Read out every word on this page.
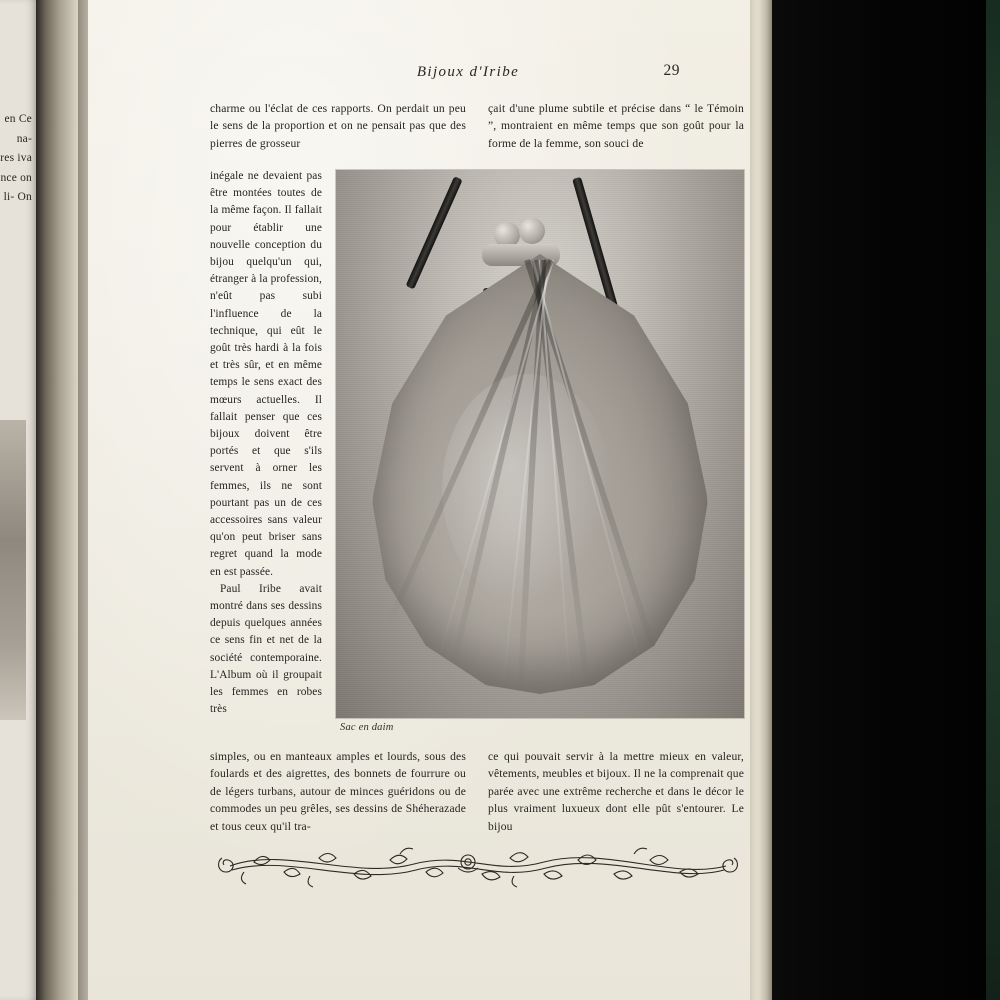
en Ce na- res iva nce on li- On
Bijoux d'Iribe	29

charme ou l'éclat de ces rapports. On perdait un peu le sens de la proportion et on ne pensait pas que des pierres de grosseur

çait d'une plume subtile et précise dans “ le Témoin ”, montraient en même temps que son goût pour la forme de la femme, son souci de

inégale ne devaient pas être montées toutes de la même façon. Il fallait pour établir une nouvelle conception du bijou quelqu'un qui, étranger à la profession, n'eût pas subi l'influence de la technique, qui eût le goût très hardi à la fois et très sûr, et en même temps le sens exact des mœurs actuelles. Il fallait penser que ces bijoux doivent être portés et que s'ils servent à orner les femmes, ils ne sont pourtant pas un de ces accessoires sans valeur qu'on peut briser sans regret quand la mode en est passée.

Paul Iribe avait montré dans ses dessins depuis quelques années ce sens fin et net de la société contemporaine. L'Album où il groupait les femmes en robes très

Sac en daim

simples, ou en manteaux amples et lourds, sous des foulards et des aigrettes, des bonnets de fourrure ou de légers turbans, autour de minces guéridons ou de commodes un peu grêles, ses dessins de Shéherazade et tous ceux qu'il tra-

ce qui pouvait servir à la mettre mieux en valeur, vêtements, meubles et bijoux. Il ne la comprenait que parée avec une extrême recherche et dans le décor le plus vraiment luxueux dont elle pût s'entourer. Le bijou
